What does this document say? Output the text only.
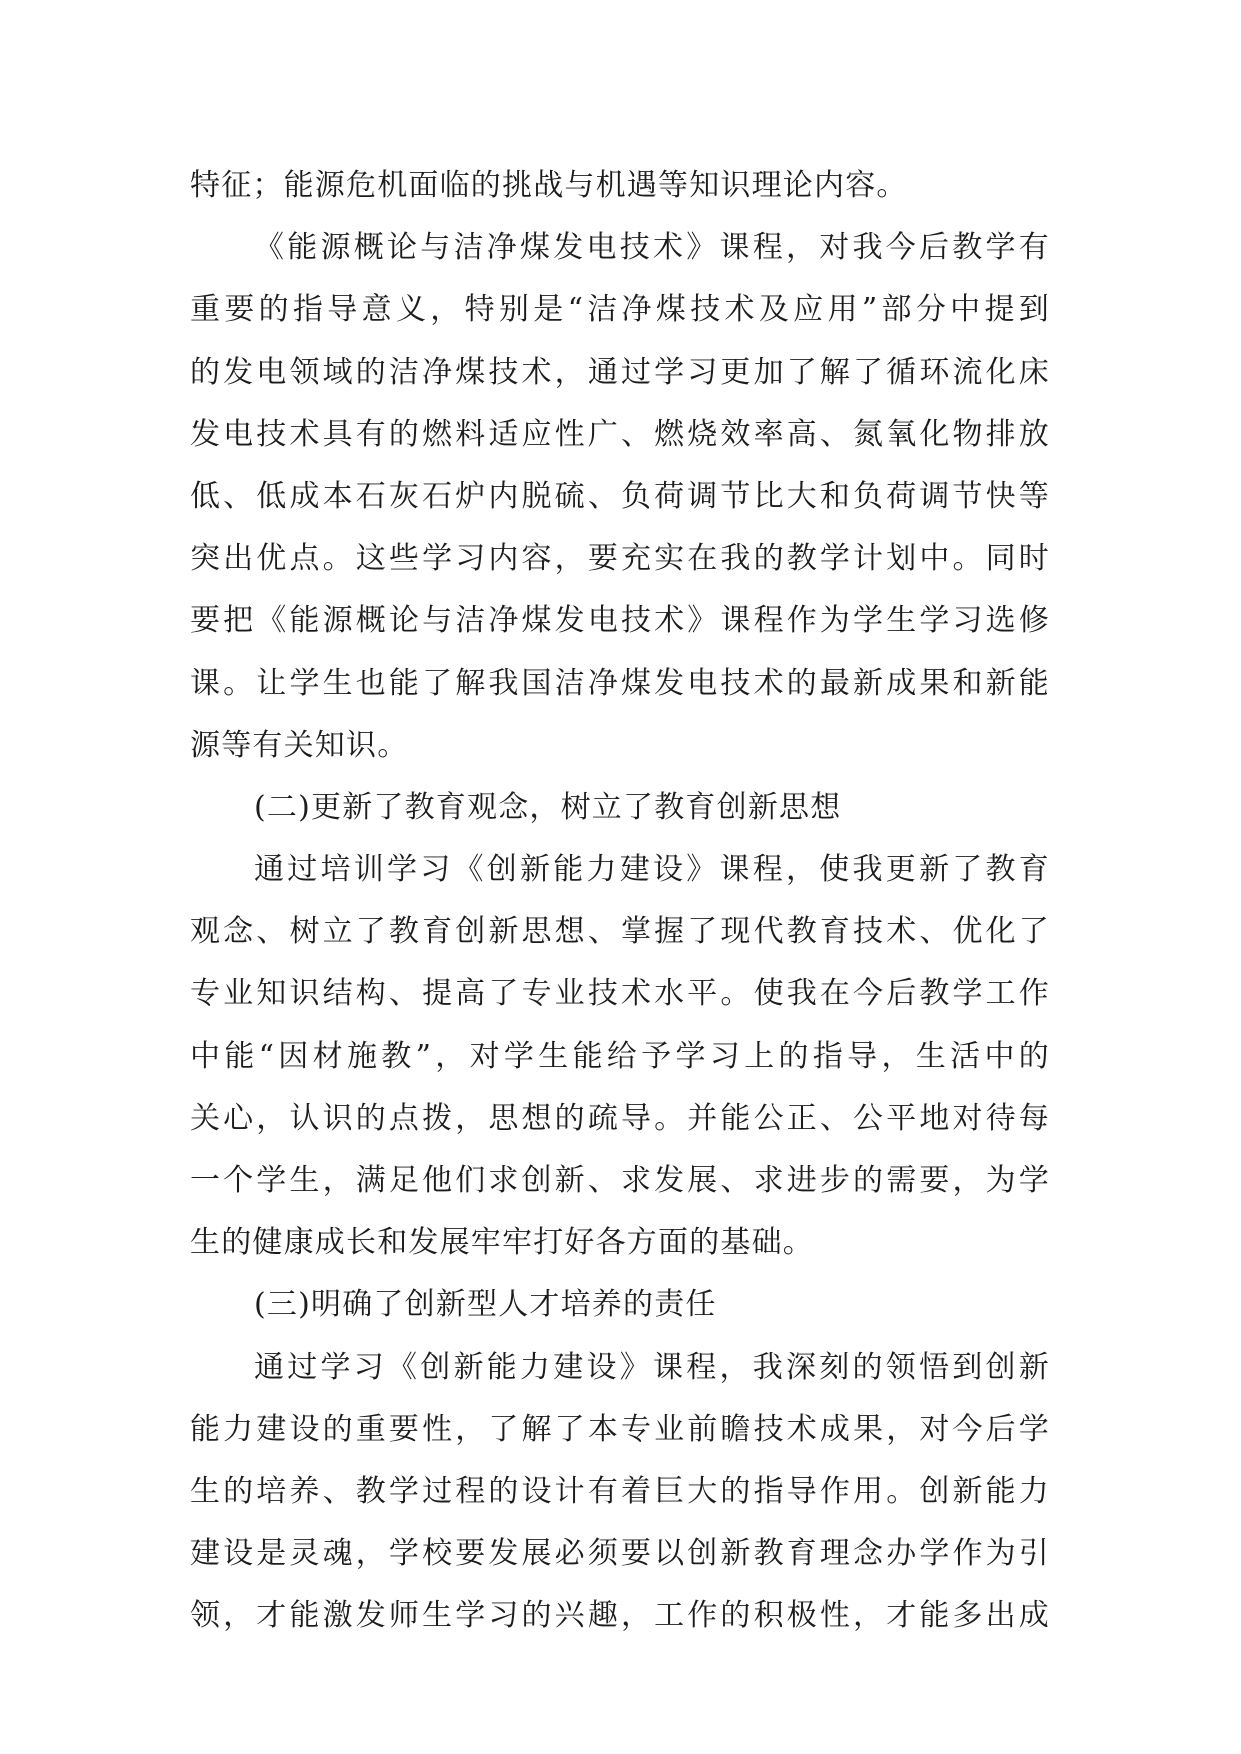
特征；能源危机面临的挑战与机遇等知识理论内容。
《能源概论与洁净煤发电技术》课程，对我今后教学有
重要的指导意义，特别是“洁净煤技术及应用”部分中提到
的发电领域的洁净煤技术，通过学习更加了解了循环流化床
发电技术具有的燃料适应性广、燃烧效率高、氮氧化物排放
低、低成本石灰石炉内脱硫、负荷调节比大和负荷调节快等
突出优点。这些学习内容，要充实在我的教学计划中。同时
要把《能源概论与洁净煤发电技术》课程作为学生学习选修
课。让学生也能了解我国洁净煤发电技术的最新成果和新能
源等有关知识。
(二)更新了教育观念，树立了教育创新思想
通过培训学习《创新能力建设》课程，使我更新了教育
观念、树立了教育创新思想、掌握了现代教育技术、优化了
专业知识结构、提高了专业技术水平。使我在今后教学工作
中能“因材施教”，对学生能给予学习上的指导，生活中的
关心，认识的点拨，思想的疏导。并能公正、公平地对待每
一个学生，满足他们求创新、求发展、求进步的需要，为学
生的健康成长和发展牢牢打好各方面的基础。
(三)明确了创新型人才培养的责任
通过学习《创新能力建设》课程，我深刻的领悟到创新
能力建设的重要性，了解了本专业前瞻技术成果，对今后学
生的培养、教学过程的设计有着巨大的指导作用。创新能力
建设是灵魂，学校要发展必须要以创新教育理念办学作为引
领，才能激发师生学习的兴趣，工作的积极性，才能多出成
